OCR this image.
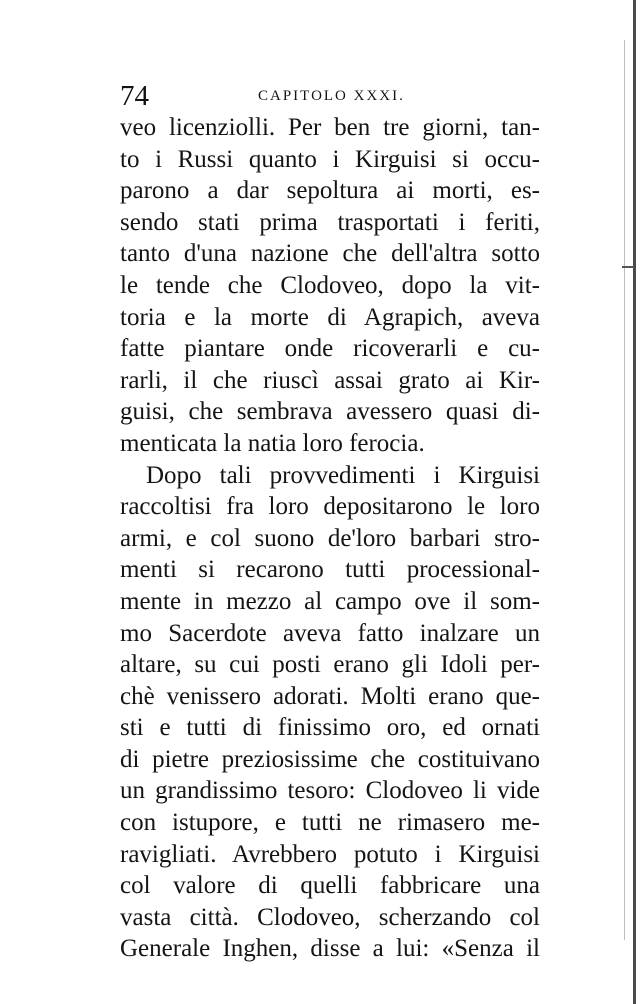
74	CAPITOLO XXXI.
veo licenziolli. Per ben tre giorni, tan-
to i Russi quanto i Kirguisi si occu-
parono a dar sepoltura ai morti, es-
sendo stati prima trasportati i feriti,
tanto d'una nazione che dell'altra sotto
le tende che Clodoveo, dopo la vit-
toria e la morte di Agrapich, aveva
fatte piantare onde ricoverarli e cu-
rarli, il che riuscì assai grato ai Kir-
guisi, che sembrava avessero quasi di-
menticata la natia loro ferocia.
Dopo tali provvedimenti i Kirguisi
raccoltisi fra loro depositarono le loro
armi, e col suono de'loro barbari stro-
menti si recarono tutti processional-
mente in mezzo al campo ove il som-
mo Sacerdote aveva fatto inalzare un
altare, su cui posti erano gli Idoli per-
chè venissero adorati. Molti erano que-
sti e tutti di finissimo oro, ed ornati
di pietre preziosissime che costituivano
un grandissimo tesoro: Clodoveo li vide
con istupore, e tutti ne rimasero me-
ravigliati. Avrebbero potuto i Kirguisi
col valore di quelli fabbricare una
vasta città. Clodoveo, scherzando col
Generale Inghen, disse a lui: «Senza il
